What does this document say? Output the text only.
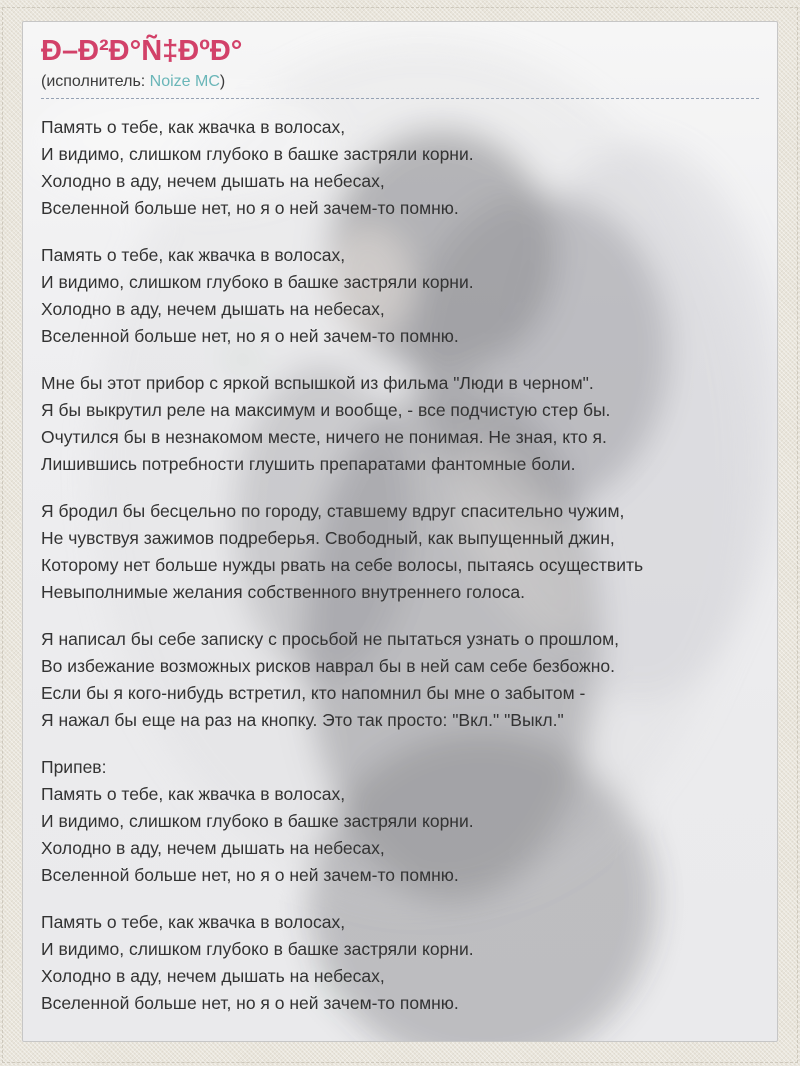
Ð–Ð²Ð°Ñ‡ÐºÐ°

(исполнитель: Noize MC)

Память о тебе, как жвачка в волосах,
И видимо, слишком глубоко в башке застряли корни.
Холодно в аду, нечем дышать на небесах,
Вселенной больше нет, но я о ней зачем-то помню.

Память о тебе, как жвачка в волосах,
И видимо, слишком глубоко в башке застряли корни.
Холодно в аду, нечем дышать на небесах,
Вселенной больше нет, но я о ней зачем-то помню.

Мне бы этот прибор с яркой вспышкой из фильма "Люди в черном".
Я бы выкрутил реле на максимум и вообще, - все подчистую стер бы.
Очутился бы в незнакомом месте, ничего не понимая. Не зная, кто я.
Лишившись потребности глушить препаратами фантомные боли.

Я бродил бы бесцельно по городу, ставшему вдруг спасительно чужим,
Не чувствуя зажимов подреберья. Свободный, как выпущенный джин,
Которому нет больше нужды рвать на себе волосы, пытаясь осуществить
Невыполнимые желания собственного внутреннего голоса.

Я написал бы себе записку с просьбой не пытаться узнать о прошлом,
Во избежание возможных рисков наврал бы в ней сам себе безбожно.
Если бы я кого-нибудь встретил, кто напомнил бы мне о забытом -
Я нажал бы еще на раз на кнопку. Это так просто: "Вкл." "Выкл."

Припев:
Память о тебе, как жвачка в волосах,
И видимо, слишком глубоко в башке застряли корни.
Холодно в аду, нечем дышать на небесах,
Вселенной больше нет, но я о ней зачем-то помню.

Память о тебе, как жвачка в волосах,
И видимо, слишком глубоко в башке застряли корни.
Холодно в аду, нечем дышать на небесах,
Вселенной больше нет, но я о ней зачем-то помню.
